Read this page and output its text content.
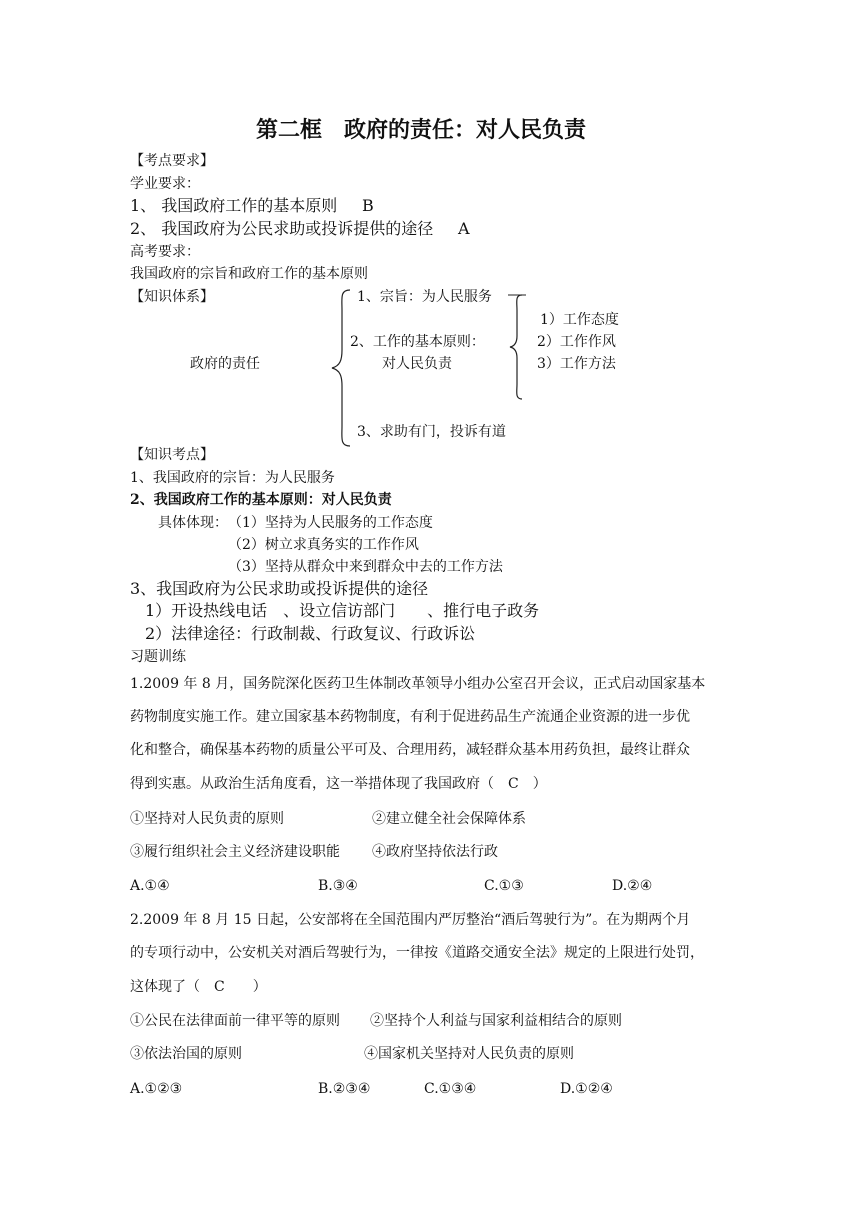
第二框　政府的责任：对人民负责
【考点要求】
学业要求：
1、 我国政府工作的基本原则 B
2、 我国政府为公民求助或投诉提供的途径 A
高考要求：
我国政府的宗旨和政府工作的基本原则
【知识体系】
政府的责任
1、宗旨：为人民服务
2、工作的基本原则：
对人民负责
1）工作态度
2）工作作风
3）工作方法
3、求助有门，投诉有道
【知识考点】
1、我国政府的宗旨：为人民服务
2、我国政府工作的基本原则：对人民负责
具体体现： （1）坚持为人民服务的工作态度
（2）树立求真务实的工作作风
（3）坚持从群众中来到群众中去的工作方法
3、我国政府为公民求助或投诉提供的途径
1）开设热线电话　、设立信访部门　　、推行电子政务
2）法律途径：行政制裁、行政复议、行政诉讼
习题训练
1.2009 年 8 月，国务院深化医药卫生体制改革领导小组办公室召开会议，正式启动国家基本
药物制度实施工作。建立国家基本药物制度，有利于促进药品生产流通企业资源的进一步优
化和整合，确保基本药物的质量公平可及、合理用药，减轻群众基本用药负担，最终让群众
得到实惠。从政治生活角度看，这一举措体现了我国政府（　C　）
①坚持对人民负责的原则	②建立健全社会保障体系
③履行组织社会主义经济建设职能 ④政府坚持依法行政
A.①④	B.③④	C.①③	D.②④
2.2009 年 8 月 15 日起，公安部将在全国范围内严厉整治“酒后驾驶行为”。在为期两个月
的专项行动中，公安机关对酒后驾驶行为，一律按《道路交通安全法》规定的上限进行处罚，
这体现了（　C　　）
①公民在法律面前一律平等的原则 ②坚持个人利益与国家利益相结合的原则
③依法治国的原则	④国家机关坚持对人民负责的原则
A.①②③	B.②③④	C.①③④	D.①②④
